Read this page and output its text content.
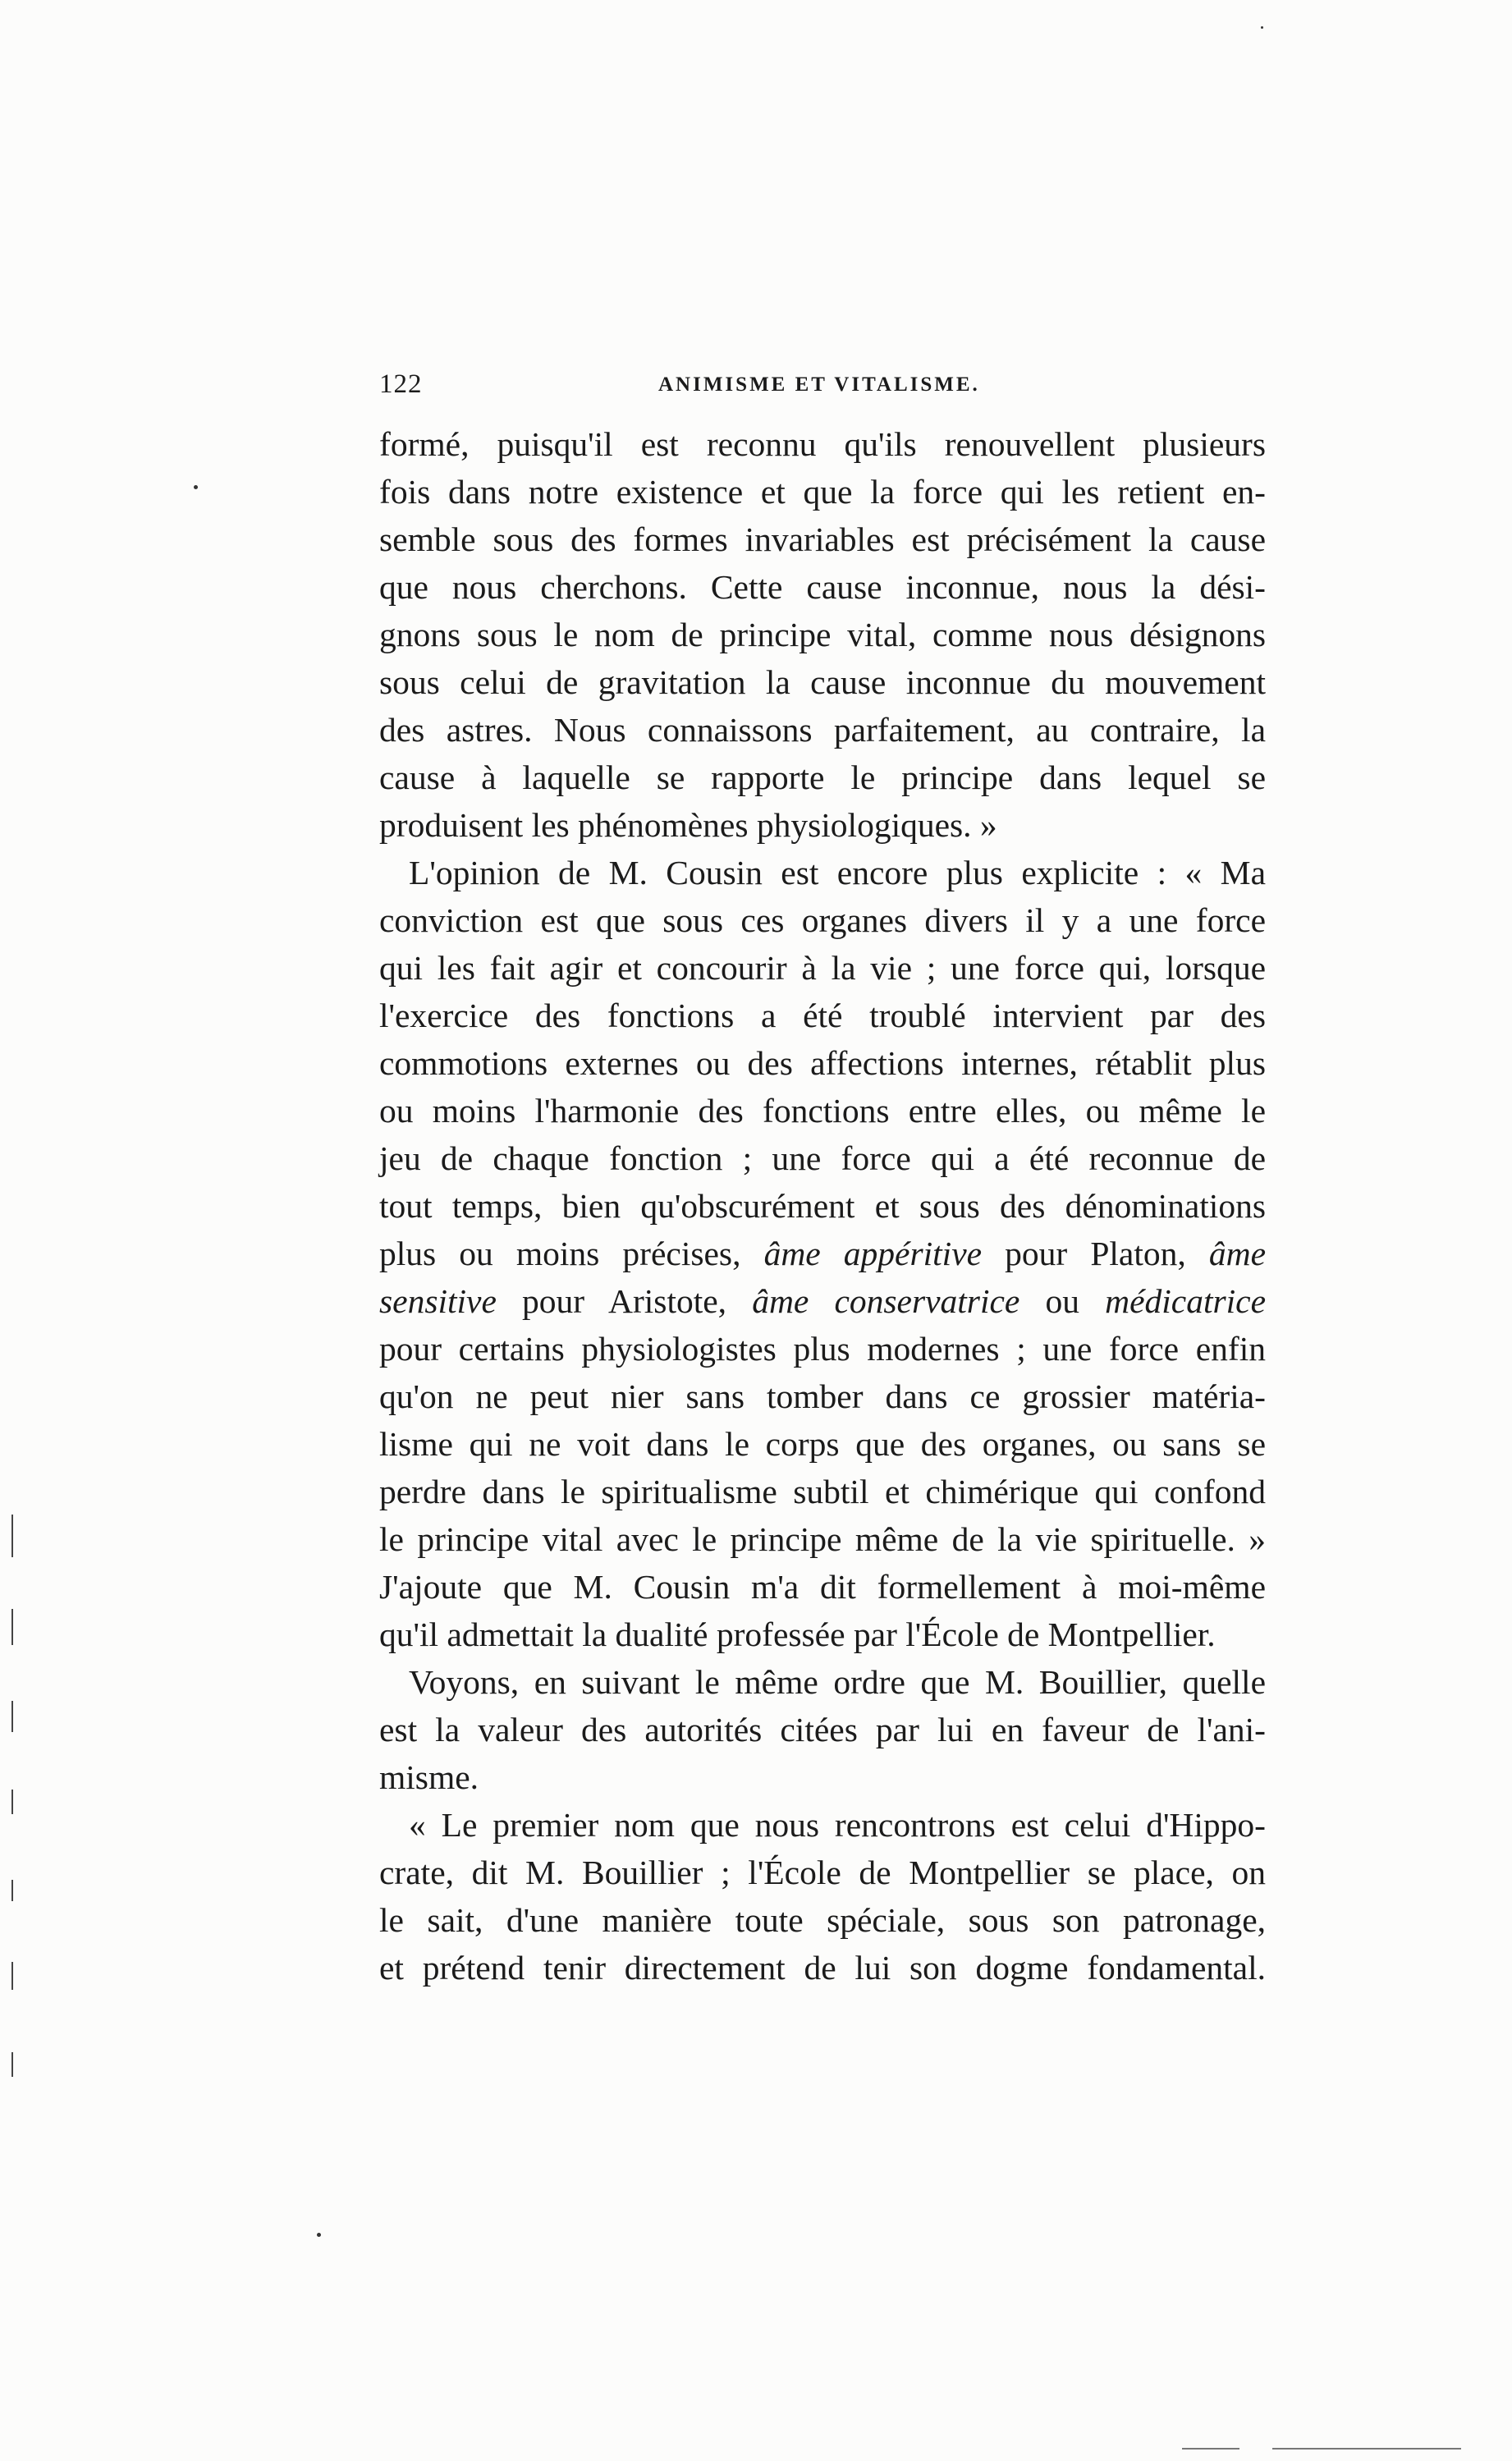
122	ANIMISME ET VITALISME.
formé, puisqu'il est reconnu qu'ils renouvellent plusieurs
fois dans notre existence et que la force qui les retient en-
semble sous des formes invariables est précisément la cause
que nous cherchons. Cette cause inconnue, nous la dési-
gnons sous le nom de principe vital, comme nous désignons
sous celui de gravitation la cause inconnue du mouvement
des astres. Nous connaissons parfaitement, au contraire, la
cause à laquelle se rapporte le principe dans lequel se
produisent les phénomènes physiologiques. »
L'opinion de M. Cousin est encore plus explicite : « Ma
conviction est que sous ces organes divers il y a une force
qui les fait agir et concourir à la vie ; une force qui, lorsque
l'exercice des fonctions a été troublé intervient par des
commotions externes ou des affections internes, rétablit plus
ou moins l'harmonie des fonctions entre elles, ou même le
jeu de chaque fonction ; une force qui a été reconnue de
tout temps, bien qu'obscurément et sous des dénominations
plus ou moins précises, âme appéritive pour Platon, âme
sensitive pour Aristote, âme conservatrice ou médicatrice
pour certains physiologistes plus modernes ; une force enfin
qu'on ne peut nier sans tomber dans ce grossier matéria-
lisme qui ne voit dans le corps que des organes, ou sans se
perdre dans le spiritualisme subtil et chimérique qui confond
le principe vital avec le principe même de la vie spirituelle. »
J'ajoute que M. Cousin m'a dit formellement à moi-même
qu'il admettait la dualité professée par l'École de Montpellier.
Voyons, en suivant le même ordre que M. Bouillier, quelle
est la valeur des autorités citées par lui en faveur de l'ani-
misme.
« Le premier nom que nous rencontrons est celui d'Hippo-
crate, dit M. Bouillier ; l'École de Montpellier se place, on
le sait, d'une manière toute spéciale, sous son patronage,
et prétend tenir directement de lui son dogme fondamental.
